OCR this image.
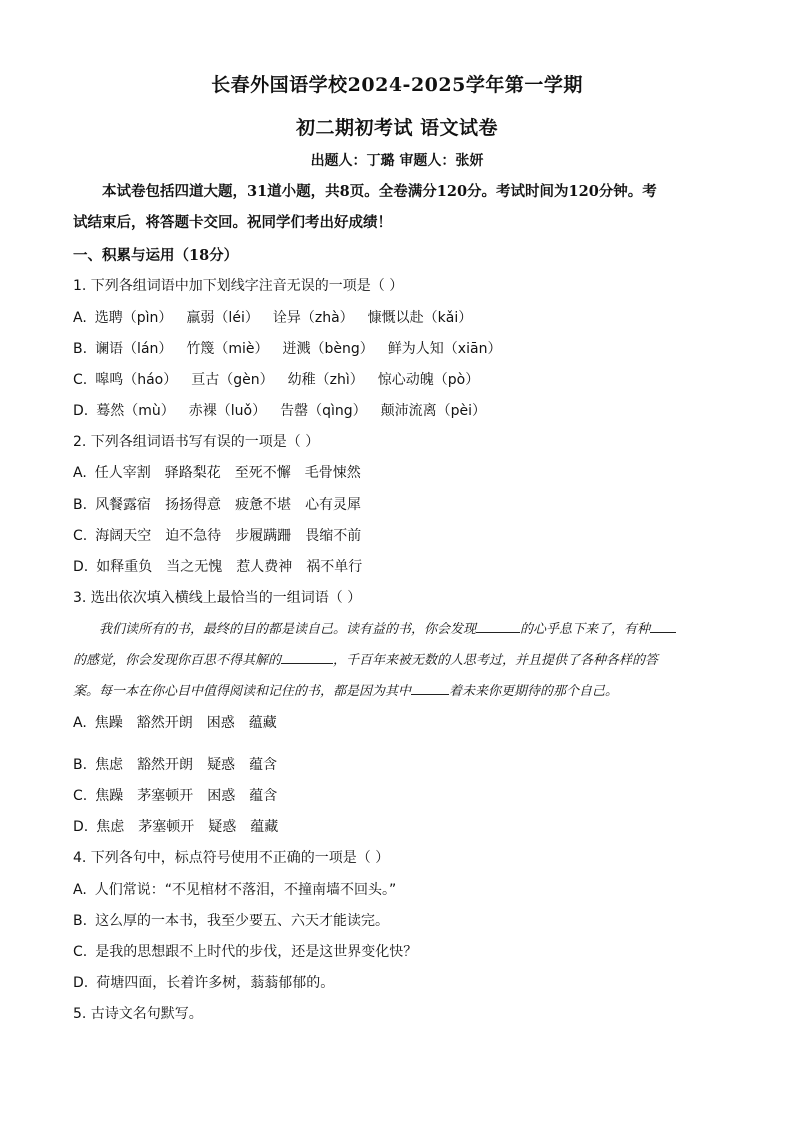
长春外国语学校2024-2025学年第一学期
初二期初考试 语文试卷
出题人：丁璐 审题人：张妍
本试卷包括四道大题，31道小题，共8页。全卷满分120分。考试时间为120分钟。考
试结束后，将答题卡交回。祝同学们考出好成绩！
一、积累与运用（18分）
1. 下列各组词语中加下划线字注音无误的一项是（ ）
A. 选聘（pìn） 羸弱（léi） 诠异（zhà） 慷慨以赴（kǎi）
B. 谰语（lán） 竹篾（miè） 迸溅（bèng） 鲜为人知（xiān）
C. 嗥鸣（háo） 亘古（gèn） 幼稚（zhì） 惊心动魄（pò）
D. 蓦然（mù） 赤裸（luǒ） 告罄（qìng） 颠沛流离（pèi）
2. 下列各组词语书写有误的一项是（ ）
A. 任人宰割 驿路梨花 至死不懈 毛骨悚然
B. 风餐露宿 扬扬得意 疲惫不堪 心有灵犀
C. 海阔天空 迫不急待 步履蹒跚 畏缩不前
D. 如释重负 当之无愧 惹人费神 祸不单行
3. 选出依次填入横线上最恰当的一组词语（ ）
我们读所有的书，最终的目的都是读自己。读有益的书，你会发现	的心乎息下来了，有种
的感觉，你会发现你百思不得其解的	，千百年来被无数的人思考过，并且提供了各种各样的答
案。每一本在你心目中值得阅读和记住的书，都是因为其中	着未来你更期待的那个自己。
A. 焦躁 豁然开朗 困惑 蕴藏
B. 焦虑 豁然开朗 疑惑 蕴含
C. 焦躁 茅塞顿开 困惑 蕴含
D. 焦虑 茅塞顿开 疑惑 蕴藏
4. 下列各句中，标点符号使用不正确的一项是（ ）
A. 人们常说：“不见棺材不落泪，不撞南墙不回头。”
B. 这么厚的一本书，我至少要五、六天才能读完。
C. 是我的思想跟不上时代的步伐，还是这世界变化快？
D. 荷塘四面，长着许多树，蓊蓊郁郁的。
5. 古诗文名句默写。
